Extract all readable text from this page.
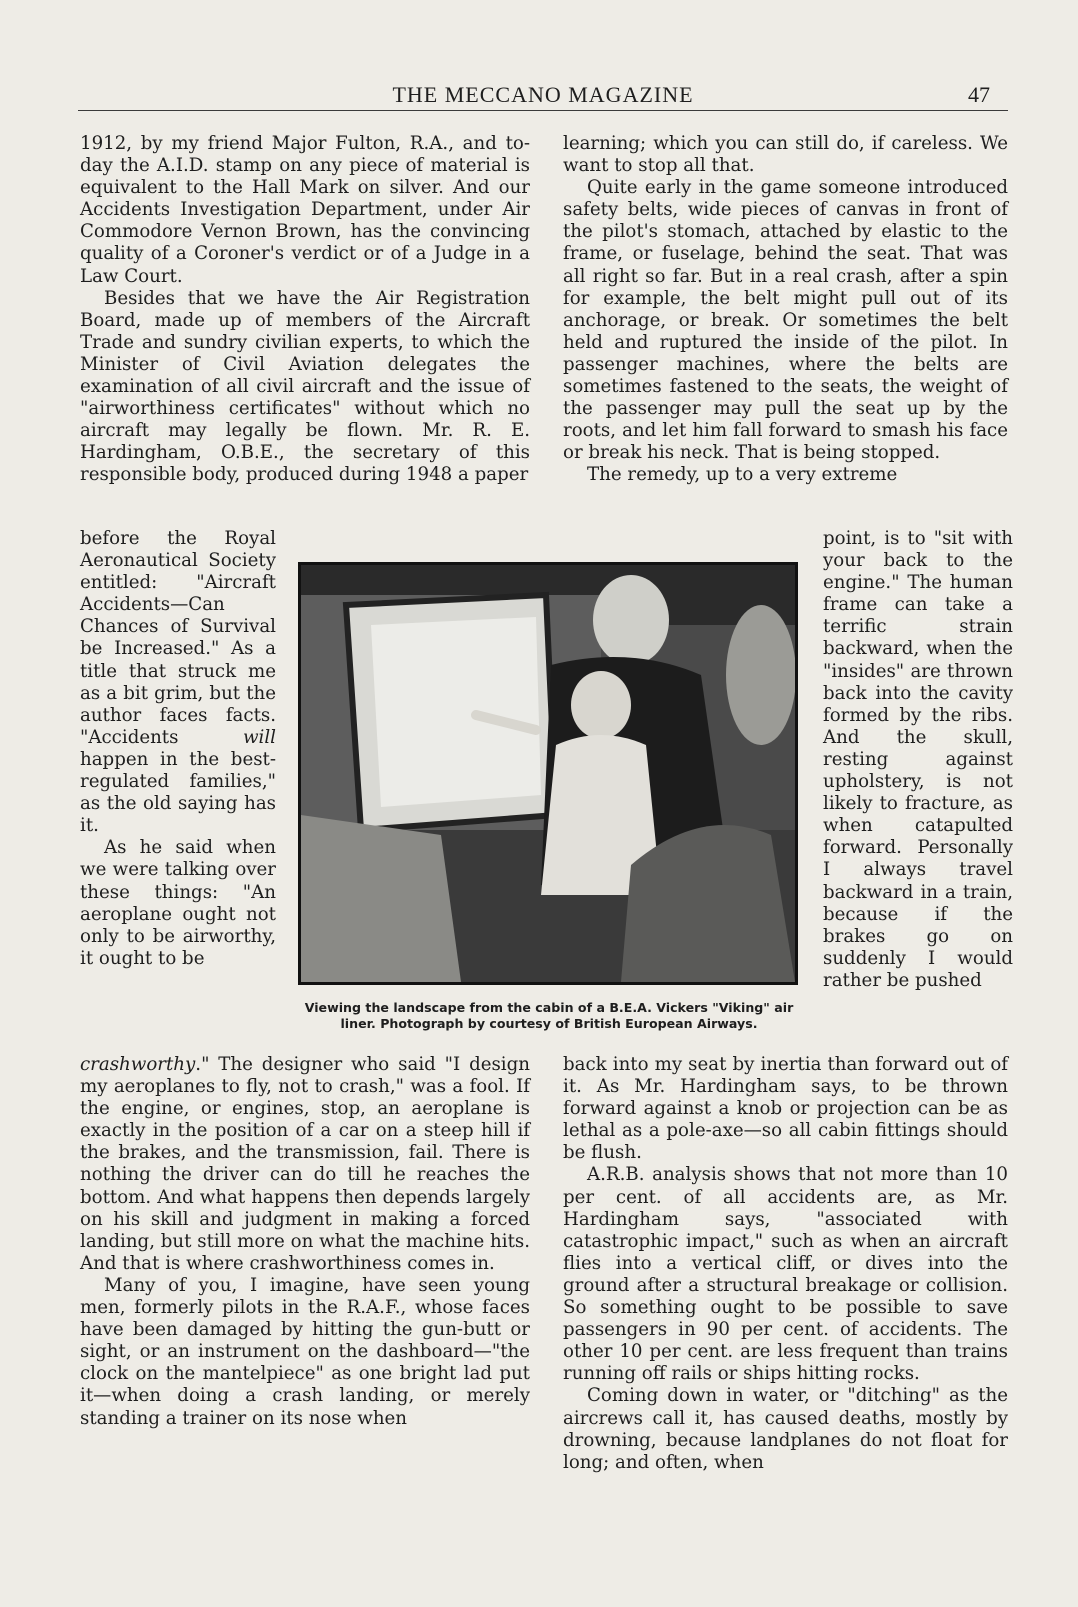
THE MECCANO MAGAZINE	47

1912, by my friend Major Fulton, R.A., and to-day the A.I.D. stamp on any piece of material is equivalent to the Hall Mark on silver. And our Accidents Investigation Department, under Air Commodore Vernon Brown, has the convincing quality of a Coroner's verdict or of a Judge in a Law Court.

Besides that we have the Air Registration Board, made up of members of the Aircraft Trade and sundry civilian experts, to which the Minister of Civil Aviation delegates the examination of all civil aircraft and the issue of "airworthiness certificates" without which no aircraft may legally be flown. Mr. R. E. Hardingham, O.B.E., the secretary of this responsible body, produced during 1948 a paper

learning; which you can still do, if careless. We want to stop all that.

Quite early in the game someone introduced safety belts, wide pieces of canvas in front of the pilot's stomach, attached by elastic to the frame, or fuselage, behind the seat. That was all right so far. But in a real crash, after a spin for example, the belt might pull out of its anchorage, or break. Or sometimes the belt held and ruptured the inside of the pilot. In passenger machines, where the belts are sometimes fastened to the seats, the weight of the passenger may pull the seat up by the roots, and let him fall forward to smash his face or break his neck. That is being stopped.

The remedy, up to a very extreme

before the Royal Aeronautical Society entitled: "Aircraft Accidents—Can Chances of Survival be Increased." As a title that struck me as a bit grim, but the author faces facts. "Accidents	will happen in the best-regulated families," as the old saying has it.

As he said when we were talking over these things: "An aeroplane ought not only to be airworthy, it ought to be

Viewing the landscape from the cabin of a B.E.A. Vickers "Viking" air liner. Photograph by courtesy of British European Airways.

point, is to "sit with your back to the engine." The human frame can take a terrific strain backward, when the "insides" are thrown back into the cavity formed by the ribs. And the skull, resting against upholstery, is not likely to fracture, as when catapulted forward. Personally I always travel backward in a train, because if the brakes go on suddenly I would rather be pushed

crashworthy." The designer who said "I design my aeroplanes to fly, not to crash," was a fool. If the engine, or engines, stop, an aeroplane is exactly in the position of a car on a steep hill if the brakes, and the transmission, fail. There is nothing the driver can do till he reaches the bottom. And what happens then depends largely on his skill and judgment in making a forced landing, but still more on what the machine hits. And that is where crashworthiness comes in.

Many of you, I imagine, have seen young men, formerly pilots in the R.A.F., whose faces have been damaged by hitting the gun-butt or sight, or an instrument on the dashboard—"the clock on the mantelpiece" as one bright lad put it—when doing a crash landing, or merely standing a trainer on its nose when

back into my seat by inertia than forward out of it. As Mr. Hardingham says, to be thrown forward against a knob or projection can be as lethal as a pole-axe—so all cabin fittings should be flush.

A.R.B. analysis shows that not more than 10 per cent. of all accidents are, as Mr. Hardingham says, "associated with catastrophic impact," such as when an aircraft flies into a vertical cliff, or dives into the ground after a structural breakage or collision. So something ought to be possible to save passengers in 90 per cent. of accidents. The other 10 per cent. are less frequent than trains running off rails or ships hitting rocks.

Coming down in water, or "ditching" as the aircrews call it, has caused deaths, mostly by drowning, because landplanes do not float for long; and often, when
